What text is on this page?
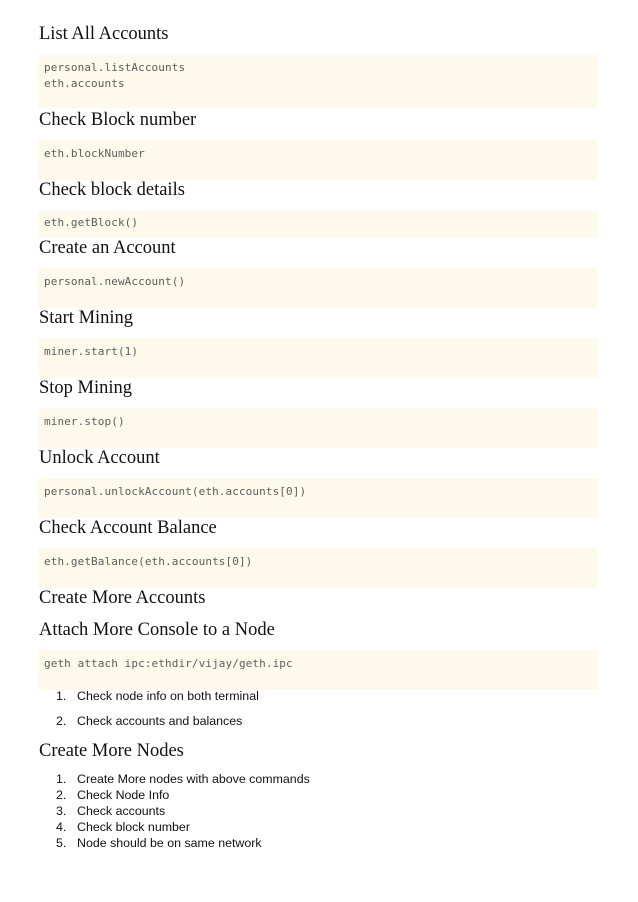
List All Accounts
personal.listAccounts
eth.accounts
Check Block number
eth.blockNumber
Check block details
eth.getBlock()
Create an Account
personal.newAccount()
Start Mining
miner.start(1)
Stop Mining
miner.stop()
Unlock Account
personal.unlockAccount(eth.accounts[0])
Check Account Balance
eth.getBalance(eth.accounts[0])
Create More Accounts
Attach More Console to a Node
geth attach ipc:ethdir/vijay/geth.ipc
1. Check node info on both terminal
2. Check accounts and balances
Create More Nodes
1. Create More nodes with above commands
2. Check Node Info
3. Check accounts
4. Check block number
5. Node should be on same network
